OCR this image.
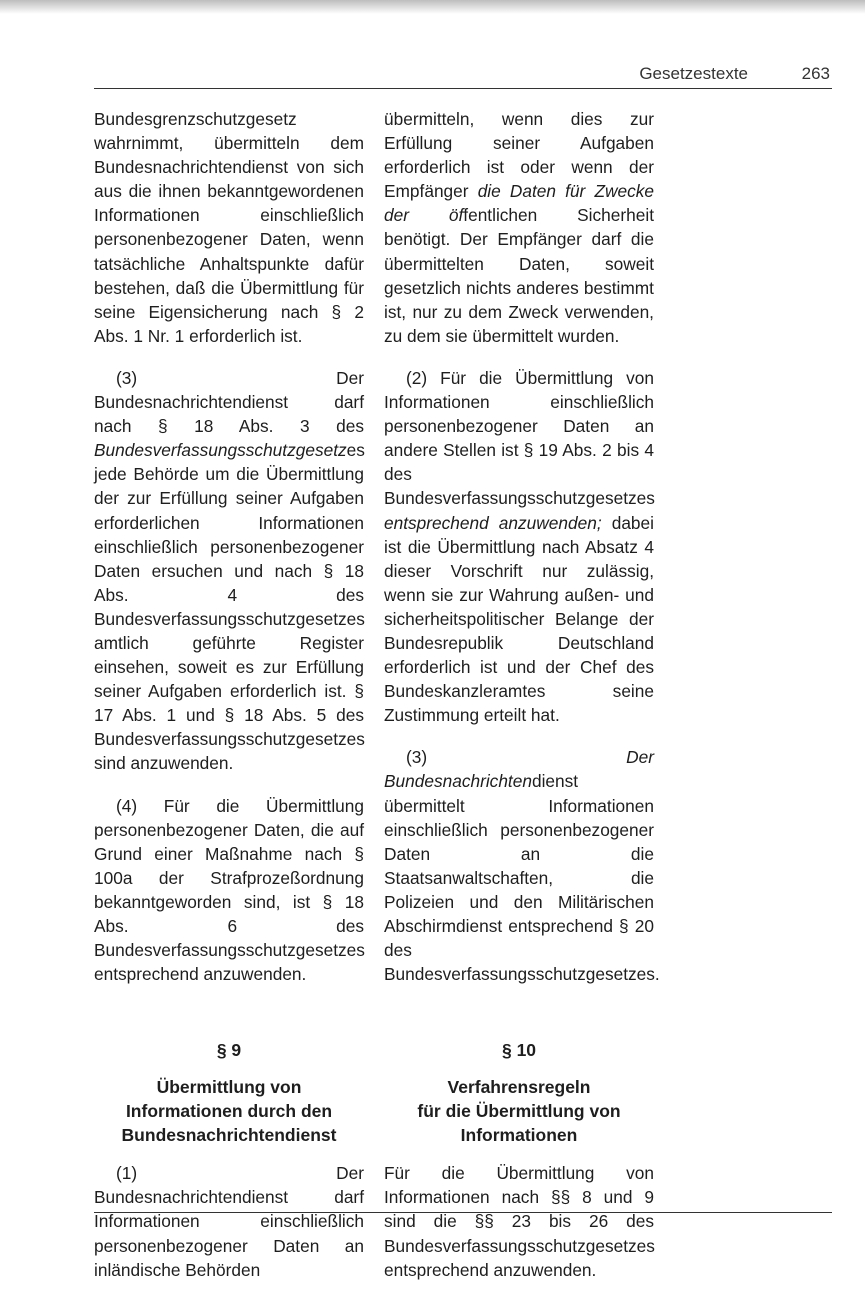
Gesetzestexte	263

Bundesgrenzschutzgesetz wahrnimmt, übermitteln dem Bundesnachrichtendienst von sich aus die ihnen bekanntgewordenen Informationen einschließlich personenbezogener Daten, wenn tatsächliche Anhaltspunkte dafür bestehen, daß die Übermittlung für seine Eigensicherung nach § 2 Abs. 1 Nr. 1 erforderlich ist.

(3) Der Bundesnachrichtendienst darf nach § 18 Abs. 3 des Bundesverfassungsschutzgesetzes jede Behörde um die Übermittlung der zur Erfüllung seiner Aufgaben erforderlichen Informationen einschließlich personenbezogener Daten ersuchen und nach § 18 Abs. 4 des Bundesverfassungsschutzgesetzes amtlich geführte Register einsehen, soweit es zur Erfüllung seiner Aufgaben erforderlich ist. § 17 Abs. 1 und § 18 Abs. 5 des Bundesverfassungsschutzgesetzes sind anzuwenden.

(4) Für die Übermittlung personenbezogener Daten, die auf Grund einer Maßnahme nach § 100a der Strafprozeßordnung bekanntgeworden sind, ist § 18 Abs. 6 des Bundesverfassungsschutzgesetzes entsprechend anzuwenden.

§ 9
Übermittlung von
Informationen durch den
Bundesnachrichtendienst

(1) Der Bundesnachrichtendienst darf Informationen einschließlich personenbezogener Daten an inländische Behörden

übermitteln, wenn dies zur Erfüllung seiner Aufgaben erforderlich ist oder wenn der Empfänger die Daten für Zwecke der öffentlichen Sicherheit benötigt. Der Empfänger darf die übermittelten Daten, soweit gesetzlich nichts anderes bestimmt ist, nur zu dem Zweck verwenden, zu dem sie übermittelt wurden.

(2) Für die Übermittlung von Informationen einschließlich personenbezogener Daten an andere Stellen ist § 19 Abs. 2 bis 4 des Bundesverfassungsschutzgesetzes entsprechend anzuwenden; dabei ist die Übermittlung nach Absatz 4 dieser Vorschrift nur zulässig, wenn sie zur Wahrung außen- und sicherheitspolitischer Belange der Bundesrepublik Deutschland erforderlich ist und der Chef des Bundeskanzleramtes seine Zustimmung erteilt hat.

(3) Der Bundesnachrichtendienst übermittelt Informationen einschließlich personenbezogener Daten an die Staatsanwaltschaften, die Polizeien und den Militärischen Abschirmdienst entsprechend § 20 des Bundesverfassungsschutzgesetzes.

§ 10
Verfahrensregeln
für die Übermittlung von
Informationen

Für die Übermittlung von Informationen nach §§ 8 und 9 sind die §§ 23 bis 26 des Bundesverfassungsschutzgesetzes entsprechend anzuwenden.
